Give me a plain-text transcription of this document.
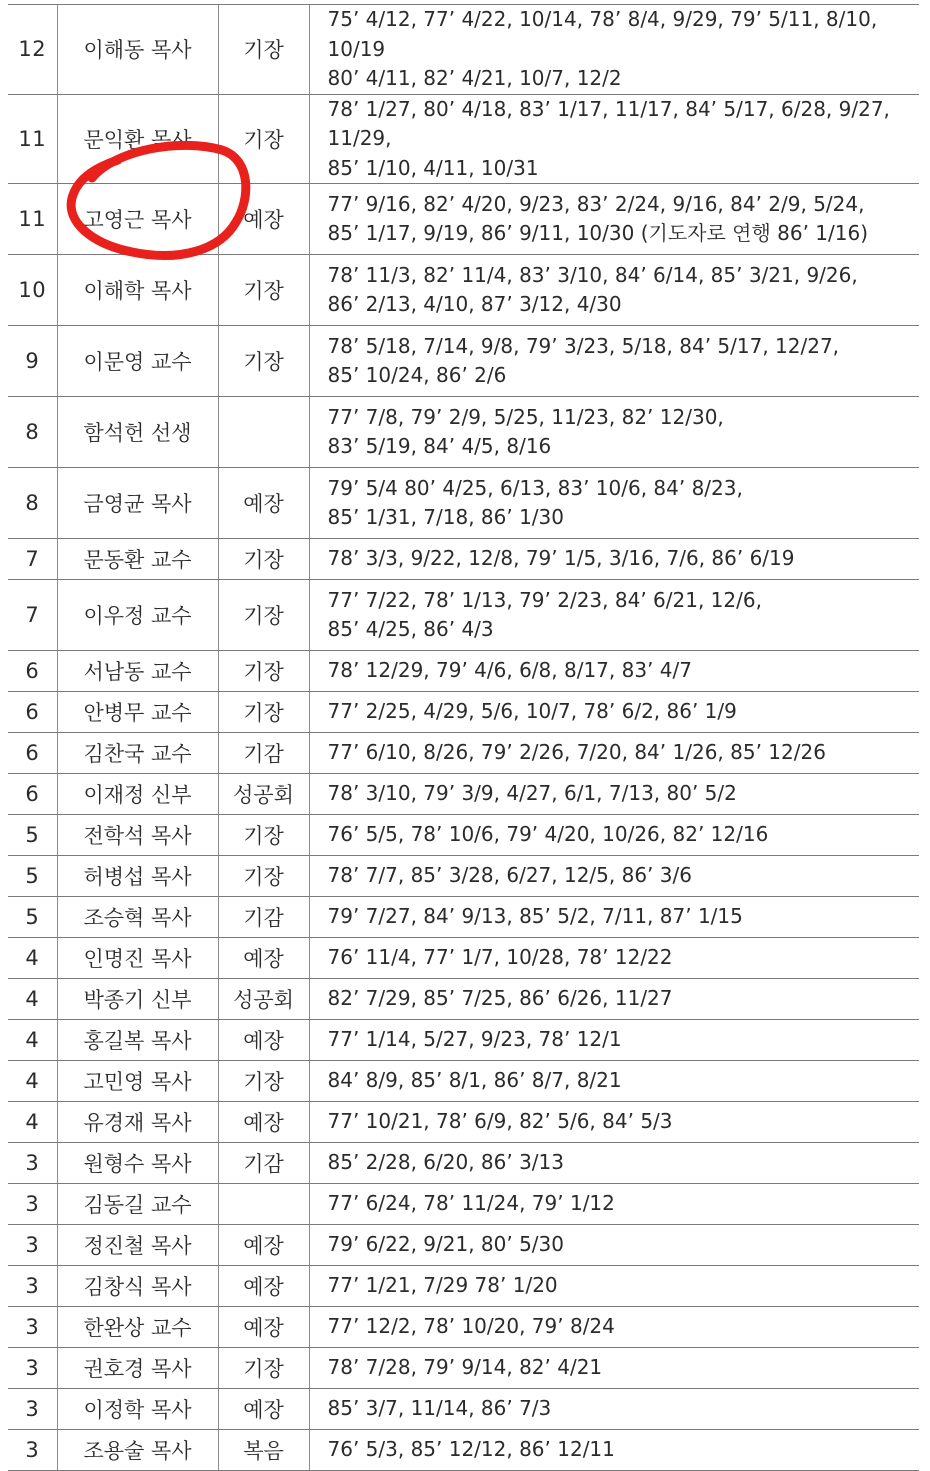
12	이해동 목사	기장	75’ 4/12, 77’ 4/22, 10/14, 78’ 8/4, 9/29, 79’ 5/11, 8/10, 10/19
80’ 4/11, 82’ 4/21, 10/7, 12/2

11	문익환 목사	기장	78’ 1/27, 80’ 4/18, 83’ 1/17, 11/17, 84’ 5/17, 6/28, 9/27, 11/29,
85’ 1/10, 4/11, 10/31

11	고영근 목사	예장	77’ 9/16, 82’ 4/20, 9/23, 83’ 2/24, 9/16, 84’ 2/9, 5/24,
85’ 1/17, 9/19, 86’ 9/11, 10/30 (기도자로 연행 86’ 1/16)

10	이해학 목사	기장	78’ 11/3, 82’ 11/4, 83’ 3/10, 84’ 6/14, 85’ 3/21, 9/26,
86’ 2/13, 4/10, 87’ 3/12, 4/30

9	이문영 교수	기장	78’ 5/18, 7/14, 9/8, 79’ 3/23, 5/18, 84’ 5/17, 12/27,
85’ 10/24, 86’ 2/6

8	함석헌 선생		77’ 7/8, 79’ 2/9, 5/25, 11/23, 82’ 12/30,
83’ 5/19, 84’ 4/5, 8/16

8	금영균 목사	예장	79’ 5/4 80’ 4/25, 6/13, 83’ 10/6, 84’ 8/23,
85’ 1/31, 7/18, 86’ 1/30

7	문동환 교수	기장	78’ 3/3, 9/22, 12/8, 79’ 1/5, 3/16, 7/6, 86’ 6/19

7	이우정 교수	기장	77’ 7/22, 78’ 1/13, 79’ 2/23, 84’ 6/21, 12/6,
85’ 4/25, 86’ 4/3

6	서남동 교수	기장	78’ 12/29, 79’ 4/6, 6/8, 8/17, 83’ 4/7

6	안병무 교수	기장	77’ 2/25, 4/29, 5/6, 10/7, 78’ 6/2, 86’ 1/9

6	김찬국 교수	기감	77’ 6/10, 8/26, 79’ 2/26, 7/20, 84’ 1/26, 85’ 12/26

6	이재정 신부	성공회	78’ 3/10, 79’ 3/9, 4/27, 6/1, 7/13, 80’ 5/2

5	전학석 목사	기장	76’ 5/5, 78’ 10/6, 79’ 4/20, 10/26, 82’ 12/16

5	허병섭 목사	기장	78’ 7/7, 85’ 3/28, 6/27, 12/5, 86’ 3/6

5	조승혁 목사	기감	79’ 7/27, 84’ 9/13, 85’ 5/2, 7/11, 87’ 1/15

4	인명진 목사	예장	76’ 11/4, 77’ 1/7, 10/28, 78’ 12/22

4	박종기 신부	성공회	82’ 7/29, 85’ 7/25, 86’ 6/26, 11/27

4	홍길복 목사	예장	77’ 1/14, 5/27, 9/23, 78’ 12/1

4	고민영 목사	기장	84’ 8/9, 85’ 8/1, 86’ 8/7, 8/21

4	유경재 목사	예장	77’ 10/21, 78’ 6/9, 82’ 5/6, 84’ 5/3

3	원형수 목사	기감	85’ 2/28, 6/20, 86’ 3/13

3	김동길 교수		77’ 6/24, 78’ 11/24, 79’ 1/12

3	정진철 목사	예장	79’ 6/22, 9/21, 80’ 5/30

3	김창식 목사	예장	77’ 1/21, 7/29 78’ 1/20

3	한완상 교수	예장	77’ 12/2, 78’ 10/20, 79’ 8/24

3	권호경 목사	기장	78’ 7/28, 79’ 9/14, 82’ 4/21

3	이정학 목사	예장	85’ 3/7, 11/14, 86’ 7/3

3	조용술 목사	복음	76’ 5/3, 85’ 12/12, 86’ 12/11
